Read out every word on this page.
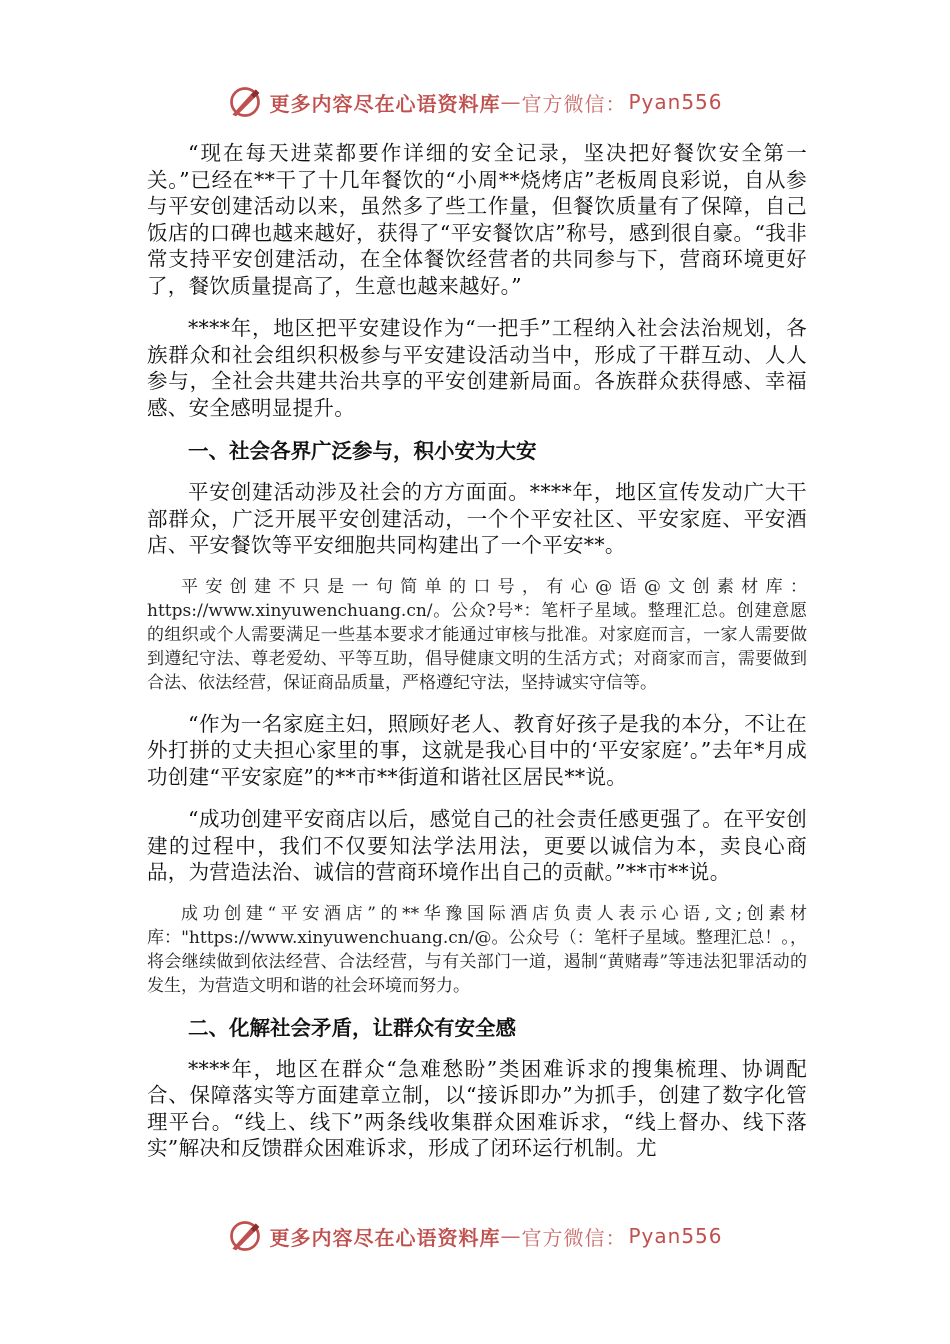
更多内容尽在心语资料库 — 官方微信： Pyan556

“现在每天进菜都要作详细的安全记录，坚决把好餐饮安全第一关。”已经在**干了十几年餐饮的“小周**烧烤店”老板周良彩说，自从参与平安创建活动以来，虽然多了些工作量，但餐饮质量有了保障，自己饭店的口碑也越来越好，获得了“平安餐饮店”称号，感到很自豪。“我非常支持平安创建活动，在全体餐饮经营者的共同参与下，营商环境更好了，餐饮质量提高了，生意也越来越好。”

****年，地区把平安建设作为“一把手”工程纳入社会法治规划，各族群众和社会组织积极参与平安建设活动当中，形成了干群互动、人人参与，全社会共建共治共享的平安创建新局面。各族群众获得感、幸福感、安全感明显提升。

一、社会各界广泛参与，积小安为大安

平安创建活动涉及社会的方方面面。****年，地区宣传发动广大干部群众，广泛开展平安创建活动，一个个平安社区、平安家庭、平安酒店、平安餐饮等平安细胞共同构建出了一个平安**。

平安创建不只是一句简单的口号，有心@语@文创素材库：https://www.xinyuwenchuang.cn/。公众?号*：笔杆子星域。整理汇总。创建意愿的组织或个人需要满足一些基本要求才能通过审核与批准。对家庭而言，一家人需要做到遵纪守法、尊老爱幼、平等互助，倡导健康文明的生活方式；对商家而言，需要做到合法、依法经营，保证商品质量，严格遵纪守法，坚持诚实守信等。

“作为一名家庭主妇，照顾好老人、教育好孩子是我的本分，不让在外打拼的丈夫担心家里的事，这就是我心目中的‘平安家庭’。”去年*月成功创建“平安家庭”的**市**街道和谐社区居民**说。

“成功创建平安商店以后，感觉自己的社会责任感更强了。在平安创建的过程中，我们不仅要知法学法用法，更要以诚信为本，卖良心商品，为营造法治、诚信的营商环境作出自己的贡献。”**市**说。

成功创建“平安酒店”的**华豫国际酒店负责人表示心语,文;创素材库："https://www.xinyuwenchuang.cn/@。公众号（：笔杆子星域。整理汇总！。，将会继续做到依法经营、合法经营，与有关部门一道，遏制“黄赌毒”等违法犯罪活动的发生，为营造文明和谐的社会环境而努力。

二、化解社会矛盾，让群众有安全感

****年，地区在群众“急难愁盼”类困难诉求的搜集梳理、协调配合、保障落实等方面建章立制，以“接诉即办”为抓手，创建了数字化管理平台。“线上、线下”两条线收集群众困难诉求，“线上督办、线下落实”解决和反馈群众困难诉求，形成了闭环运行机制。尤

更多内容尽在心语资料库 — 官方微信： Pyan556
